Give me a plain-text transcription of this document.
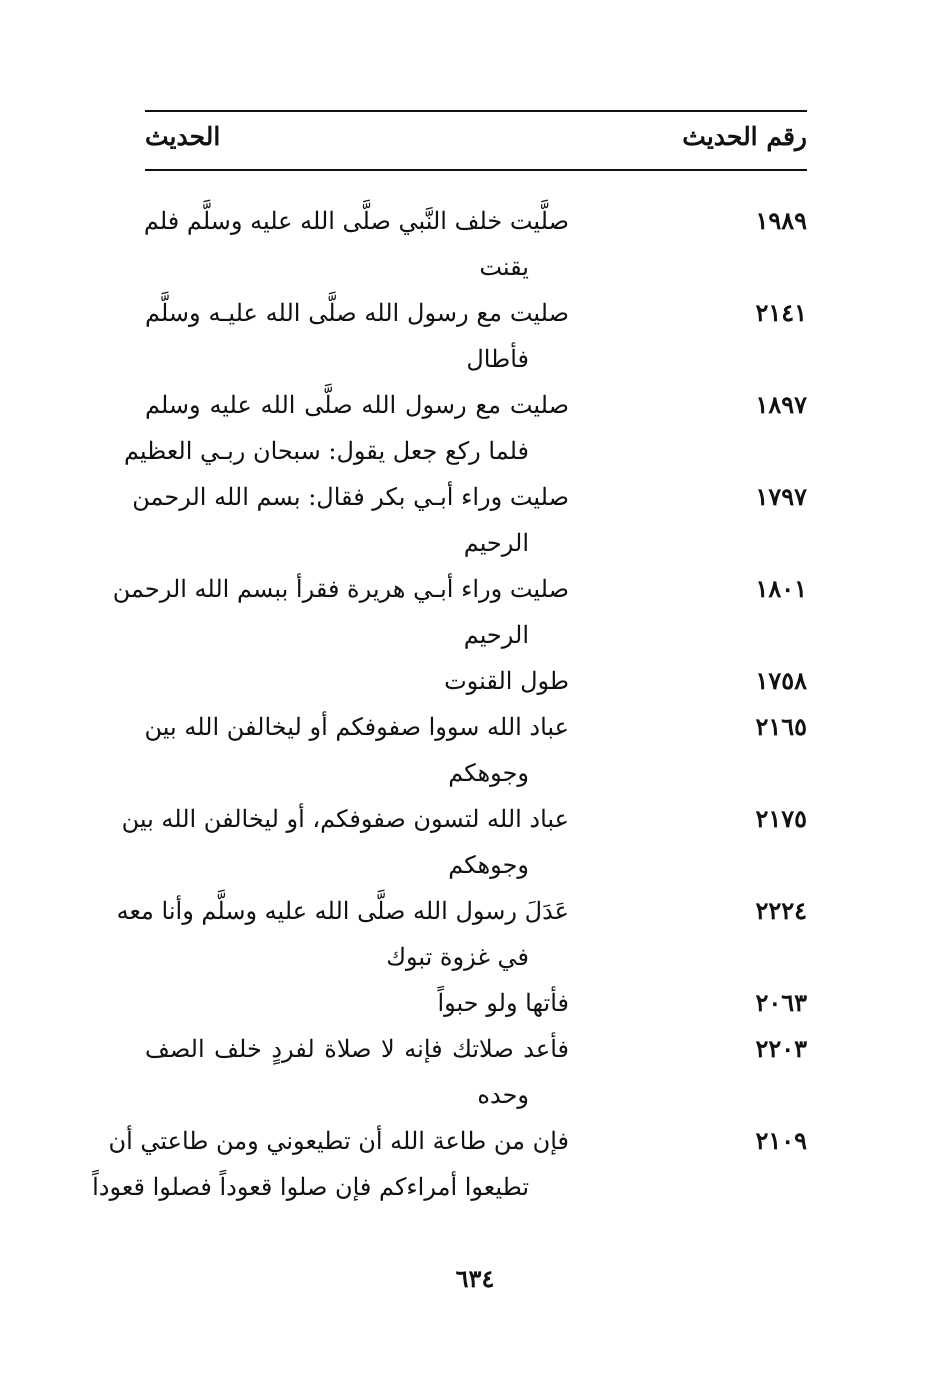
رقم الحديث
الحديث
١٩٨٩
صلَّيت خلف النَّبي صلَّى الله عليه وسلَّم فلم
يقنت
٢١٤١
صليت مع رسول الله صلَّى الله عليـه وسلَّم
فأطال
١٨٩٧
صليت مع رسول الله صلَّى الله عليه وسلم
فلما ركع جعل يقول: سبحان ربـي العظيم
١٧٩٧
صليت وراء أبـي بكر فقال: بسم الله الرحمن
الرحيم
١٨٠١
صليت وراء أبـي هريرة فقرأ ببسم الله الرحمن
الرحيم
١٧٥٨
طول القنوت
٢١٦٥
عباد الله سووا صفوفكم أو ليخالفن الله بين
وجوهكم
٢١٧٥
عباد الله لتسون صفوفكم، أو ليخالفن الله بين
وجوهكم
٢٢٢٤
عَدَلَ رسول الله صلَّى الله عليه وسلَّم وأنا معه
في غزوة تبوك
٢٠٦٣
فأتها ولو حبواً
٢٢٠٣
فأعد صلاتك فإنه لا صلاة لفردٍ خلف الصف
وحده
٢١٠٩
فإن من طاعة الله أن تطيعوني ومن طاعتي أن
تطيعوا أمراءكم فإن صلوا قعوداً فصلوا قعوداً
٦٣٤
